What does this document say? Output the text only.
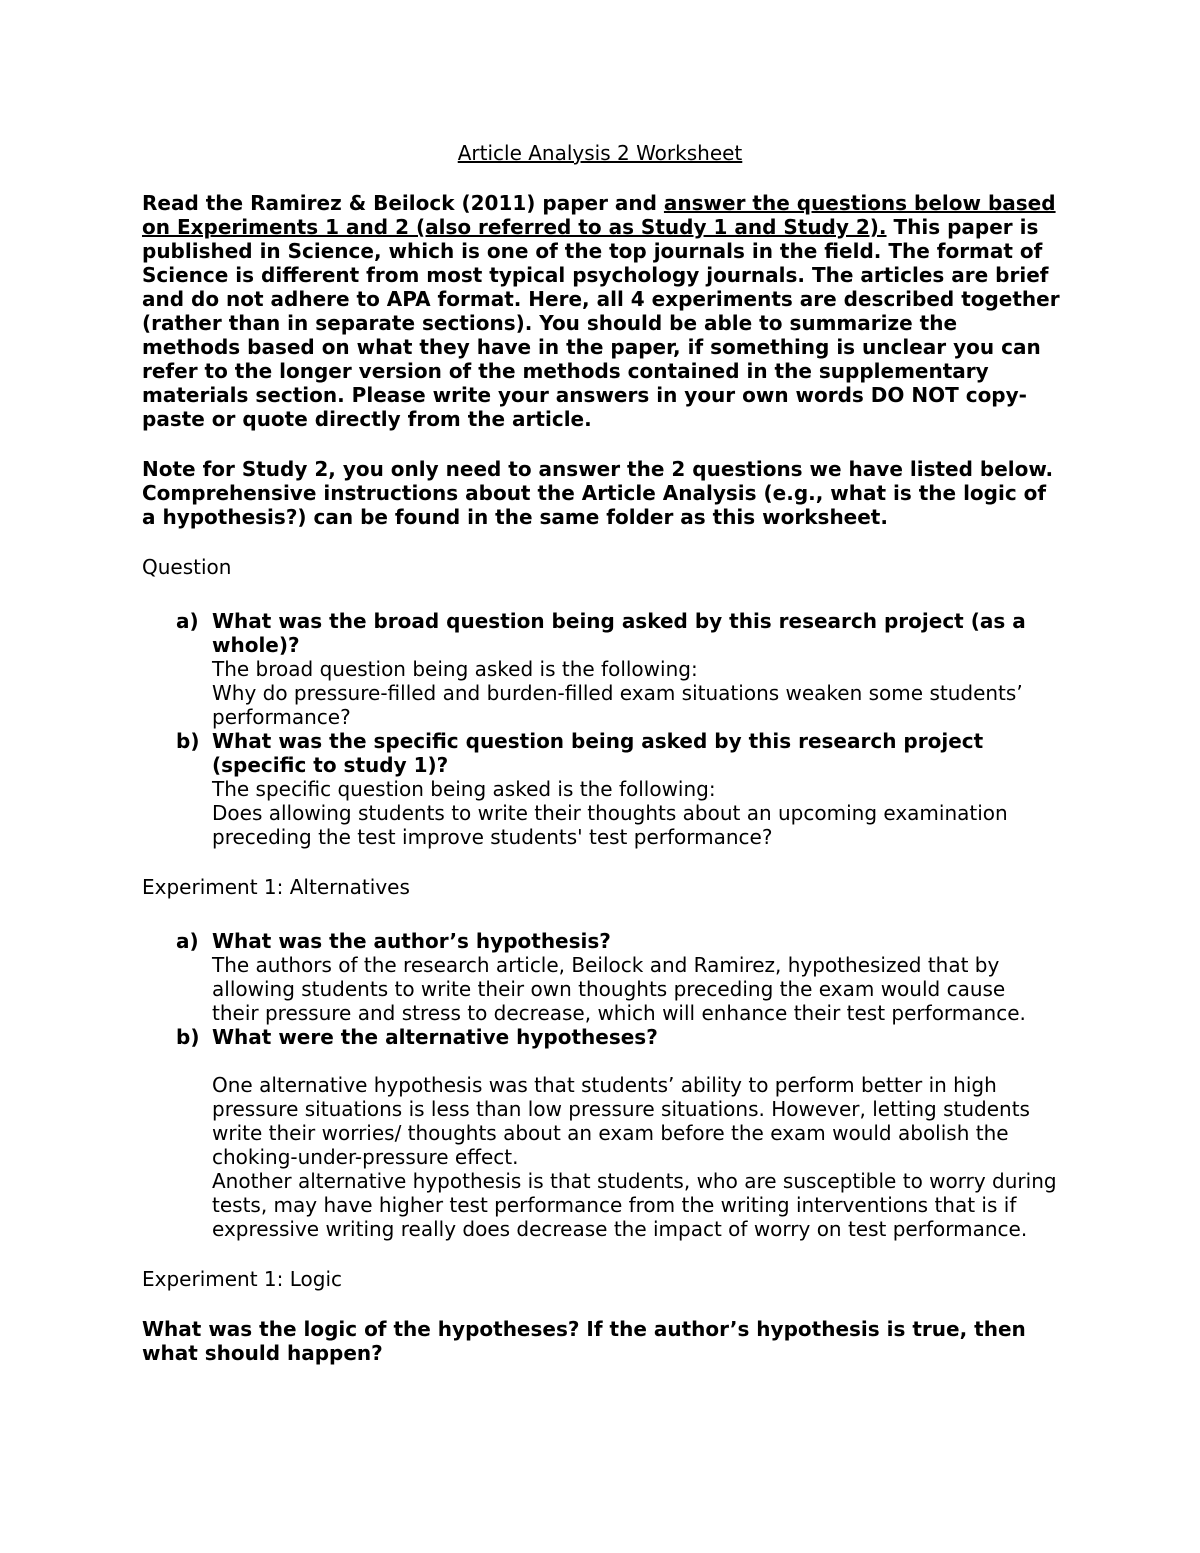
Article Analysis 2 Worksheet
Read the Ramirez & Beilock (2011) paper and answer the questions below based on Experiments 1 and 2 (also referred to as Study 1 and Study 2). This paper is published in Science, which is one of the top journals in the field. The format of Science is different from most typical psychology journals. The articles are brief and do not adhere to APA format. Here, all 4 experiments are described together (rather than in separate sections). You should be able to summarize the methods based on what they have in the paper, if something is unclear you can refer to the longer version of the methods contained in the supplementary materials section. Please write your answers in your own words DO NOT copy-paste or quote directly from the article.
Note for Study 2, you only need to answer the 2 questions we have listed below. Comprehensive instructions about the Article Analysis (e.g., what is the logic of a hypothesis?) can be found in the same folder as this worksheet.
Question
a) What was the broad question being asked by this research project (as a whole)?
The broad question being asked is the following:
Why do pressure-filled and burden-filled exam situations weaken some students’ performance?
b) What was the specific question being asked by this research project (specific to study 1)?
The specific question being asked is the following:
Does allowing students to write their thoughts about an upcoming examination preceding the test improve students' test performance?
Experiment 1: Alternatives
a) What was the author’s hypothesis?
The authors of the research article, Beilock and Ramirez, hypothesized that by allowing students to write their own thoughts preceding the exam would cause their pressure and stress to decrease, which will enhance their test performance.
b) What were the alternative hypotheses?
One alternative hypothesis was that students’ ability to perform better in high pressure situations is less than low pressure situations. However, letting students write their worries/ thoughts about an exam before the exam would abolish the choking-under-pressure effect.
Another alternative hypothesis is that students, who are susceptible to worry during tests, may have higher test performance from the writing interventions that is if expressive writing really does decrease the impact of worry on test performance.
Experiment 1: Logic
What was the logic of the hypotheses? If the author’s hypothesis is true, then what should happen?
